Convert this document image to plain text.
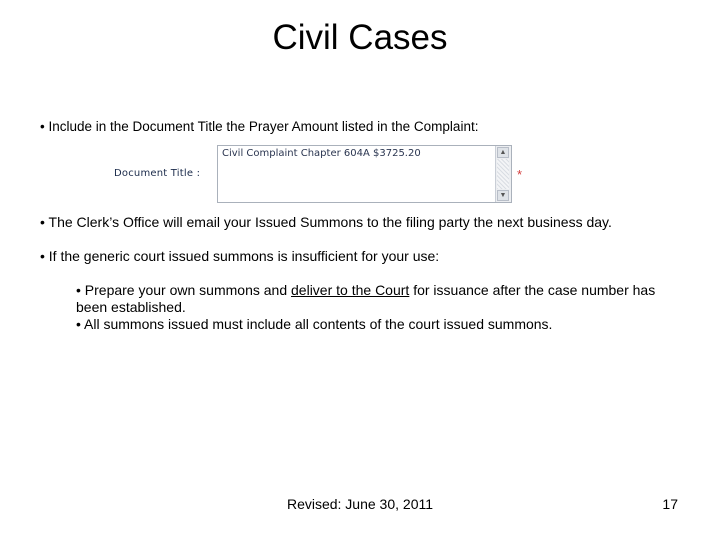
Civil Cases
• Include in the Document Title the Prayer Amount listed in the Complaint:
Document Title :
Civil Complaint Chapter 604A $3725.20	▲
▼
*
• The Clerk’s Office will email your Issued Summons to the filing party the next business day.
• If the generic court issued summons is insufficient for your use:

• Prepare your own summons and deliver to the Court for issuance after the case number has been established.

• All summons issued must include all contents of the court issued summons.

Revised: June 30, 2011	17
